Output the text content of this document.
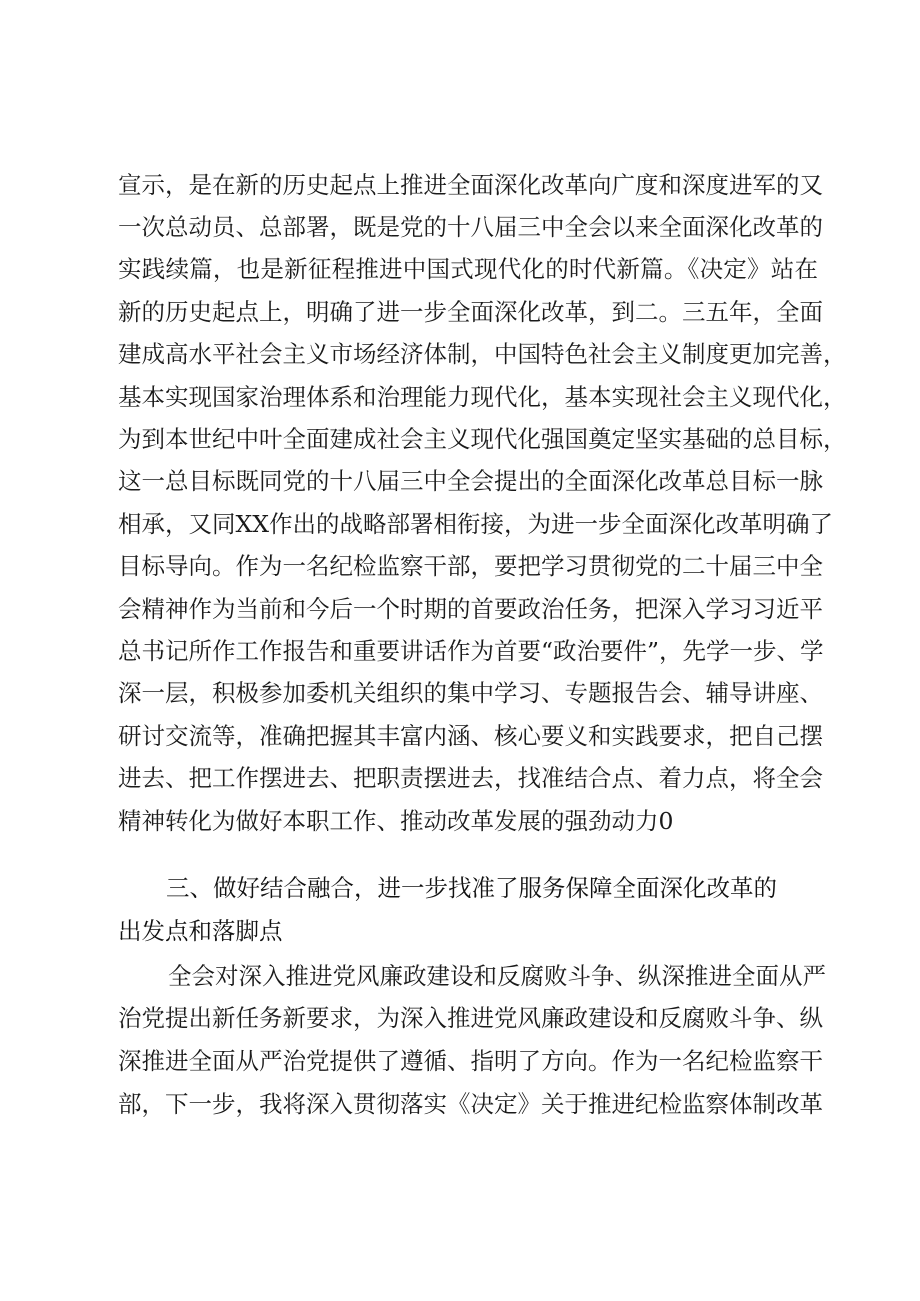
宣示，是在新的历史起点上推进全面深化改革向广度和深度进军的又
一次总动员、总部署，既是党的十八届三中全会以来全面深化改革的
实践续篇，也是新征程推进中国式现代化的时代新篇。《决定》站在
新的历史起点上，明确了进一步全面深化改革，到二。三五年，全面
建成高水平社会主义市场经济体制，中国特色社会主义制度更加完善，
基本实现国家治理体系和治理能力现代化，基本实现社会主义现代化，
为到本世纪中叶全面建成社会主义现代化强国奠定坚实基础的总目标，
这一总目标既同党的十八届三中全会提出的全面深化改革总目标一脉
相承，又同XX作出的战略部署相衔接，为进一步全面深化改革明确了
目标导向。作为一名纪检监察干部，要把学习贯彻党的二十届三中全
会精神作为当前和今后一个时期的首要政治任务，把深入学习习近平
总书记所作工作报告和重要讲话作为首要“政治要件”，先学一步、学
深一层，积极参加委机关组织的集中学习、专题报告会、辅导讲座、
研讨交流等，准确把握其丰富内涵、核心要义和实践要求，把自己摆
进去、把工作摆进去、把职责摆进去，找准结合点、着力点，将全会
精神转化为做好本职工作、推动改革发展的强劲动力0
三、做好结合融合，进一步找准了服务保障全面深化改革的
出发点和落脚点
全会对深入推进党风廉政建设和反腐败斗争、纵深推进全面从严
治党提出新任务新要求，为深入推进党风廉政建设和反腐败斗争、纵
深推进全面从严治党提供了遵循、指明了方向。作为一名纪检监察干
部，下一步，我将深入贯彻落实《决定》关于推进纪检监察体制改革
